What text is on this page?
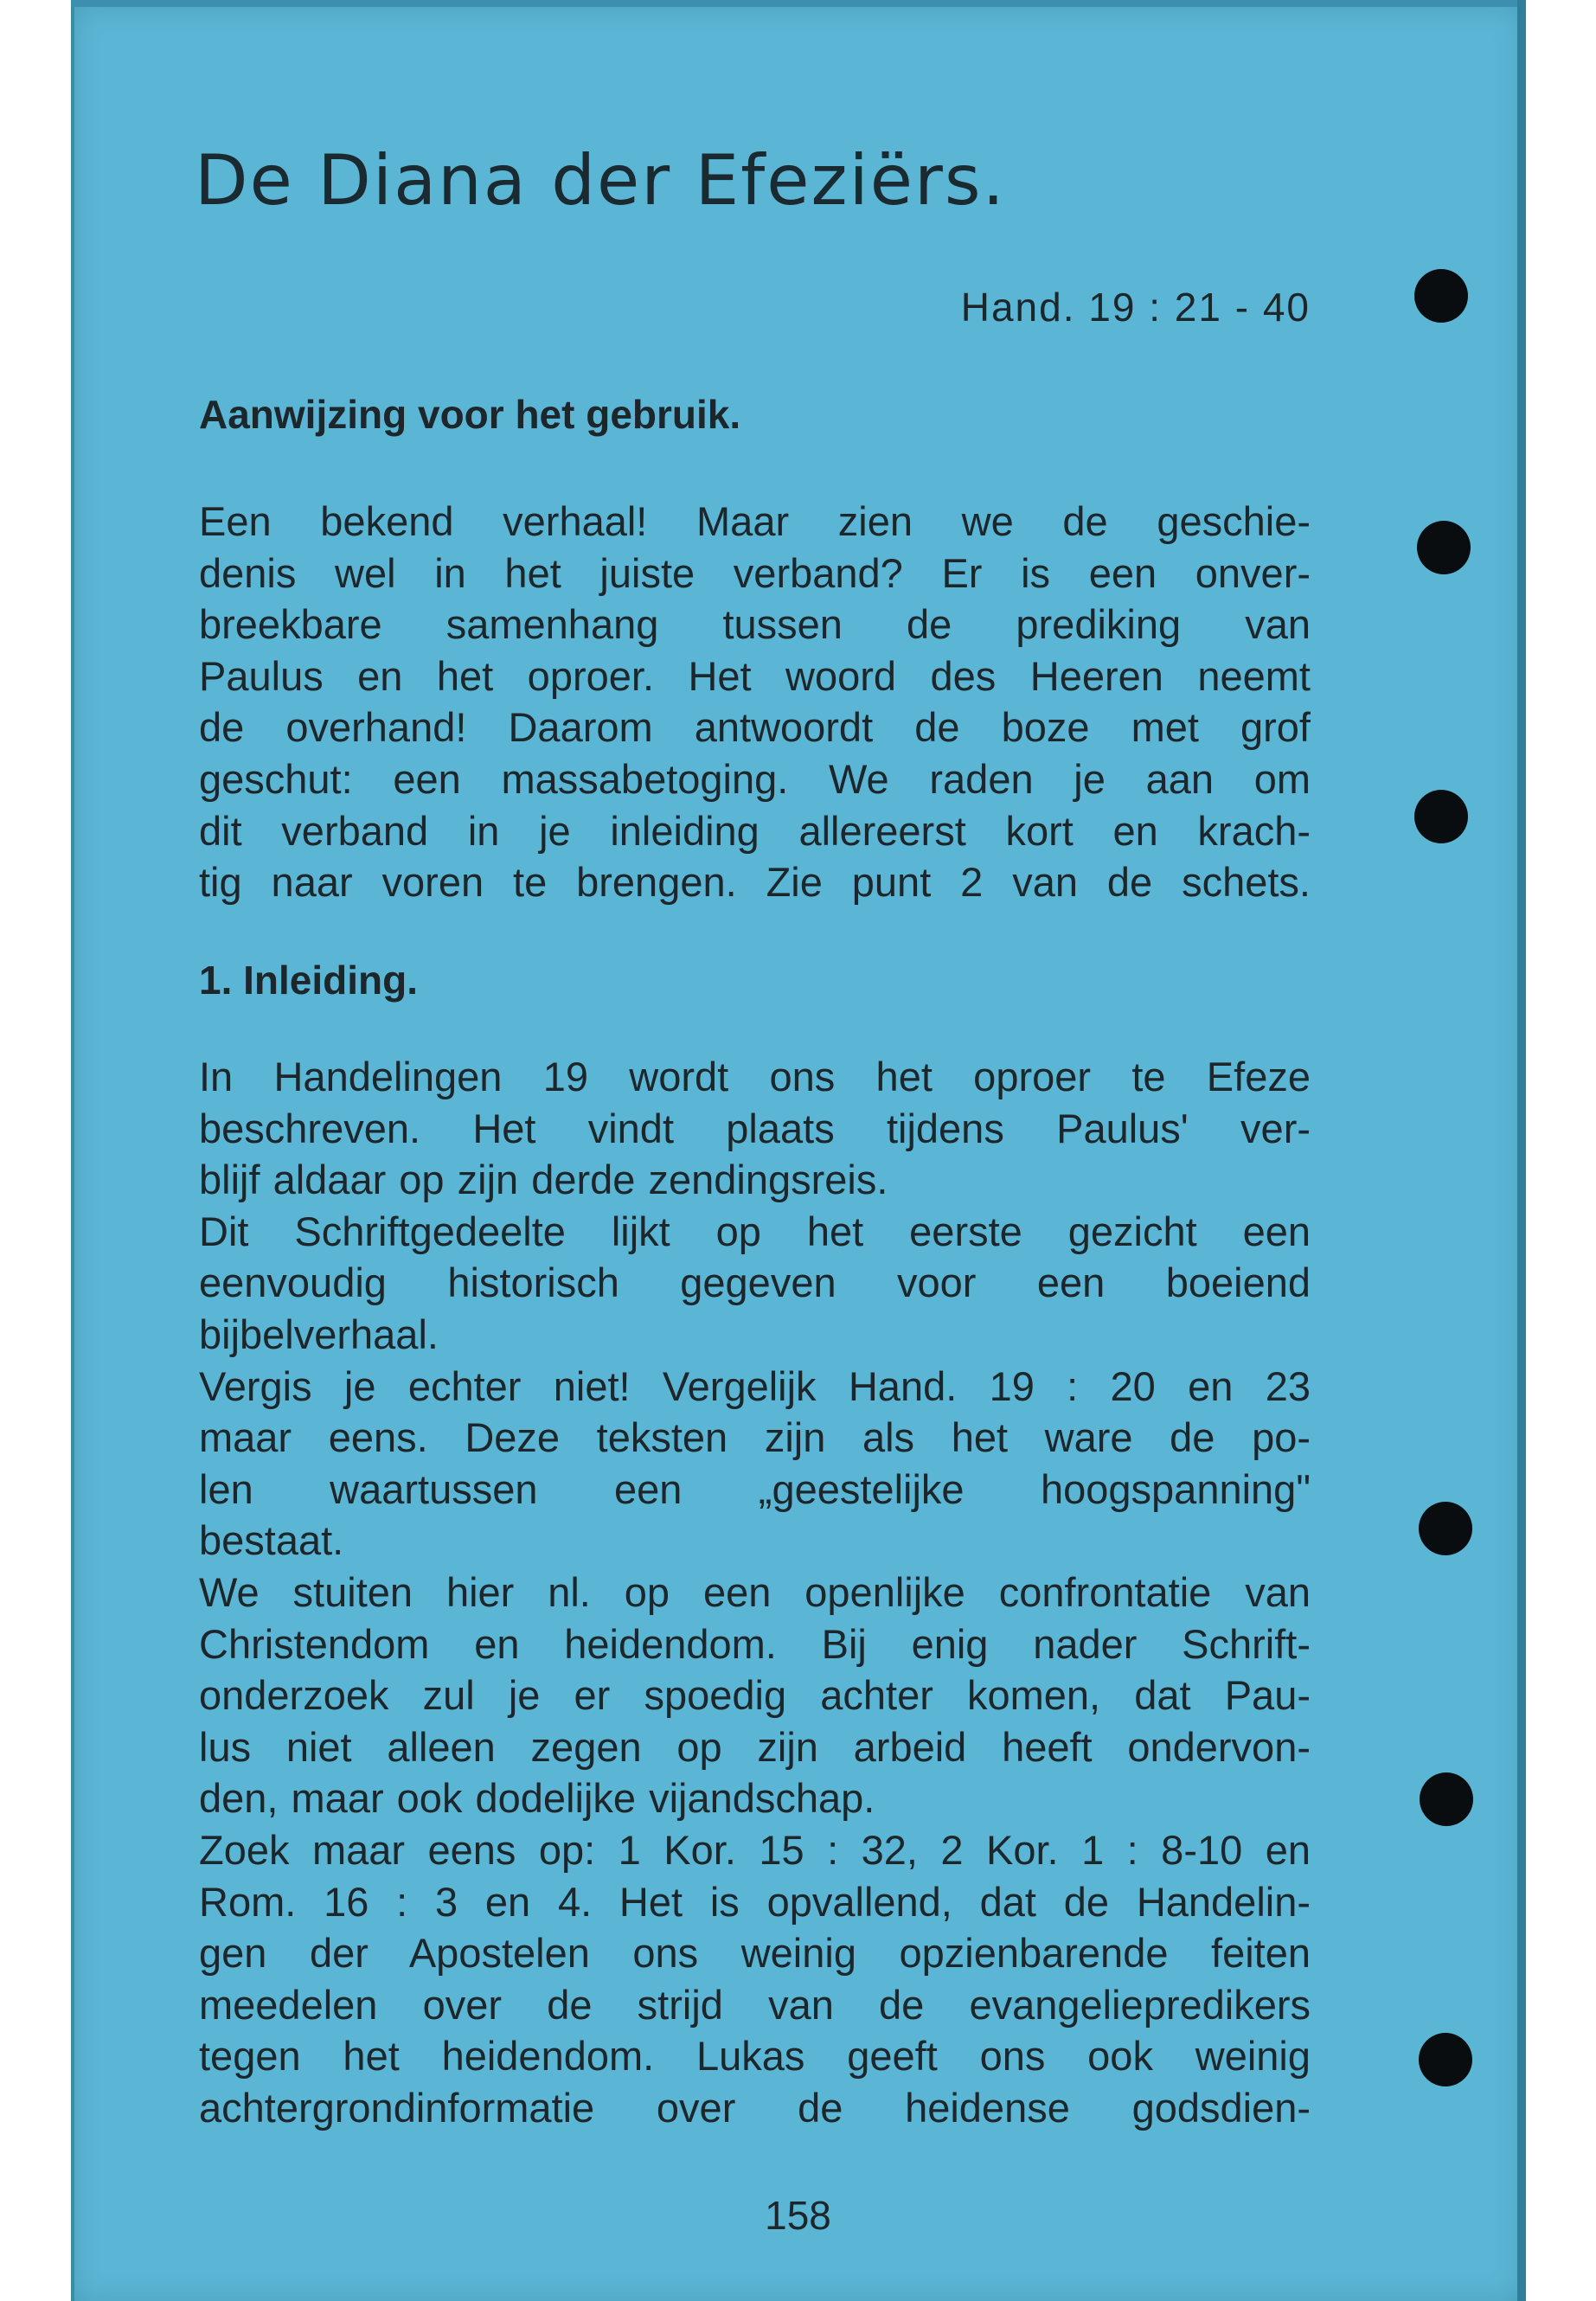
De Diana der Efeziërs.
Hand. 19 : 21 - 40
Aanwijzing voor het gebruik.
Een bekend verhaal! Maar zien we de geschie-
denis wel in het juiste verband? Er is een onver-
breekbare samenhang tussen de prediking van
Paulus en het oproer. Het woord des Heeren neemt
de overhand! Daarom antwoordt de boze met grof
geschut: een massabetoging. We raden je aan om
dit verband in je inleiding allereerst kort en krach-
tig naar voren te brengen. Zie punt 2 van de schets.
1. Inleiding.
In Handelingen 19 wordt ons het oproer te Efeze
beschreven. Het vindt plaats tijdens Paulus' ver-
blijf aldaar op zijn derde zendingsreis.
Dit Schriftgedeelte lijkt op het eerste gezicht een
eenvoudig historisch gegeven voor een boeiend
bijbelverhaal.
Vergis je echter niet! Vergelijk Hand. 19 : 20 en 23
maar eens. Deze teksten zijn als het ware de po-
len waartussen een „geestelijke hoogspanning"
bestaat.
We stuiten hier nl. op een openlijke confrontatie van
Christendom en heidendom. Bij enig nader Schrift-
onderzoek zul je er spoedig achter komen, dat Pau-
lus niet alleen zegen op zijn arbeid heeft ondervon-
den, maar ook dodelijke vijandschap.
Zoek maar eens op: 1 Kor. 15 : 32, 2 Kor. 1 : 8-10 en
Rom. 16 : 3 en 4. Het is opvallend, dat de Handelin-
gen der Apostelen ons weinig opzienbarende feiten
meedelen over de strijd van de evangeliepredikers
tegen het heidendom. Lukas geeft ons ook weinig
achtergrondinformatie over de heidense godsdien-
158
